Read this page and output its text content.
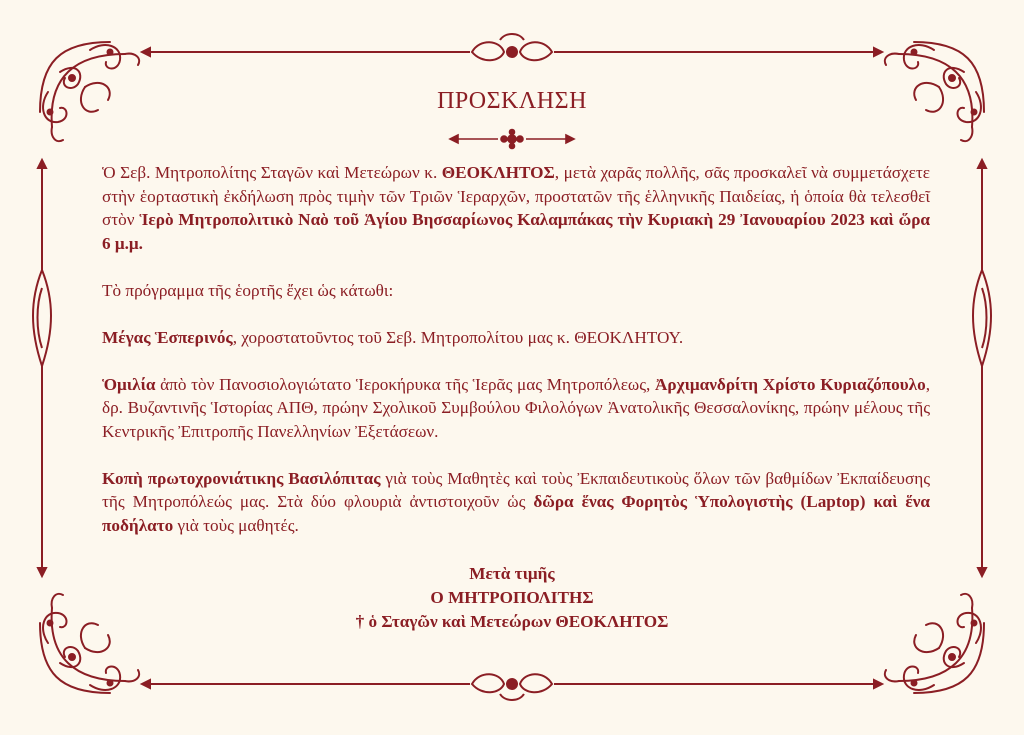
ΠΡΟΣΚΛΗΣΗ

Ὁ Σεβ. Μητροπολίτης Σταγῶν καὶ Μετεώρων κ. ΘΕΟΚΛΗΤΟΣ, μετὰ χαρᾶς πολλῆς, σᾶς προσκαλεῖ νὰ συμμετάσχετε στὴν ἑορταστικὴ ἐκδήλωση πρὸς τιμὴν τῶν Τριῶν Ἱεραρχῶν, προστατῶν τῆς ἑλληνικῆς Παιδείας, ἡ ὁποία θὰ τελεσθεῖ στὸν Ἱερὸ Μητροπολιτικὸ Ναὸ τοῦ Ἁγίου Βησσαρίωνος Καλαμπάκας τὴν Κυριακὴ 29 Ἰανουαρίου 2023 καὶ ὥρα 6 μ.μ.

Τὸ πρόγραμμα τῆς ἑορτῆς ἔχει ὡς κάτωθι:

Μέγας Ἑσπερινός, χοροστατοῦντος τοῦ Σεβ. Μητροπολίτου μας κ. ΘΕΟΚΛΗΤΟΥ.

Ὁμιλία ἀπὸ τὸν Πανοσιολογιώτατο Ἱεροκήρυκα τῆς Ἱερᾶς μας Μητροπόλεως, Ἀρχιμανδρίτη Χρίστο Κυριαζόπουλο, δρ. Βυζαντινῆς Ἱστορίας ΑΠΘ, πρώην Σχολικοῦ Συμβούλου Φιλολόγων Ἀνατολικῆς Θεσσαλονίκης, πρώην μέλους τῆς Κεντρικῆς Ἐπιτροπῆς Πανελληνίων Ἐξετάσεων.

Κοπὴ πρωτοχρονιάτικης Βασιλόπιτας γιὰ τοὺς Μαθητὲς καὶ τοὺς Ἐκπαιδευτικοὺς ὅλων τῶν βαθμίδων Ἐκπαίδευσης τῆς Μητροπόλεώς μας. Στὰ δύο φλουριὰ ἀντιστοιχοῦν ὡς δῶρα ἕνας Φορητὸς Ὑπολογιστὴς (Laptop) καὶ ἕνα ποδήλατο γιὰ τοὺς μαθητές.

Μετὰ τιμῆς
Ο ΜΗΤΡΟΠΟΛΙΤΗΣ
† ὁ Σταγῶν καὶ Μετεώρων ΘΕΟΚΛΗΤΟΣ
